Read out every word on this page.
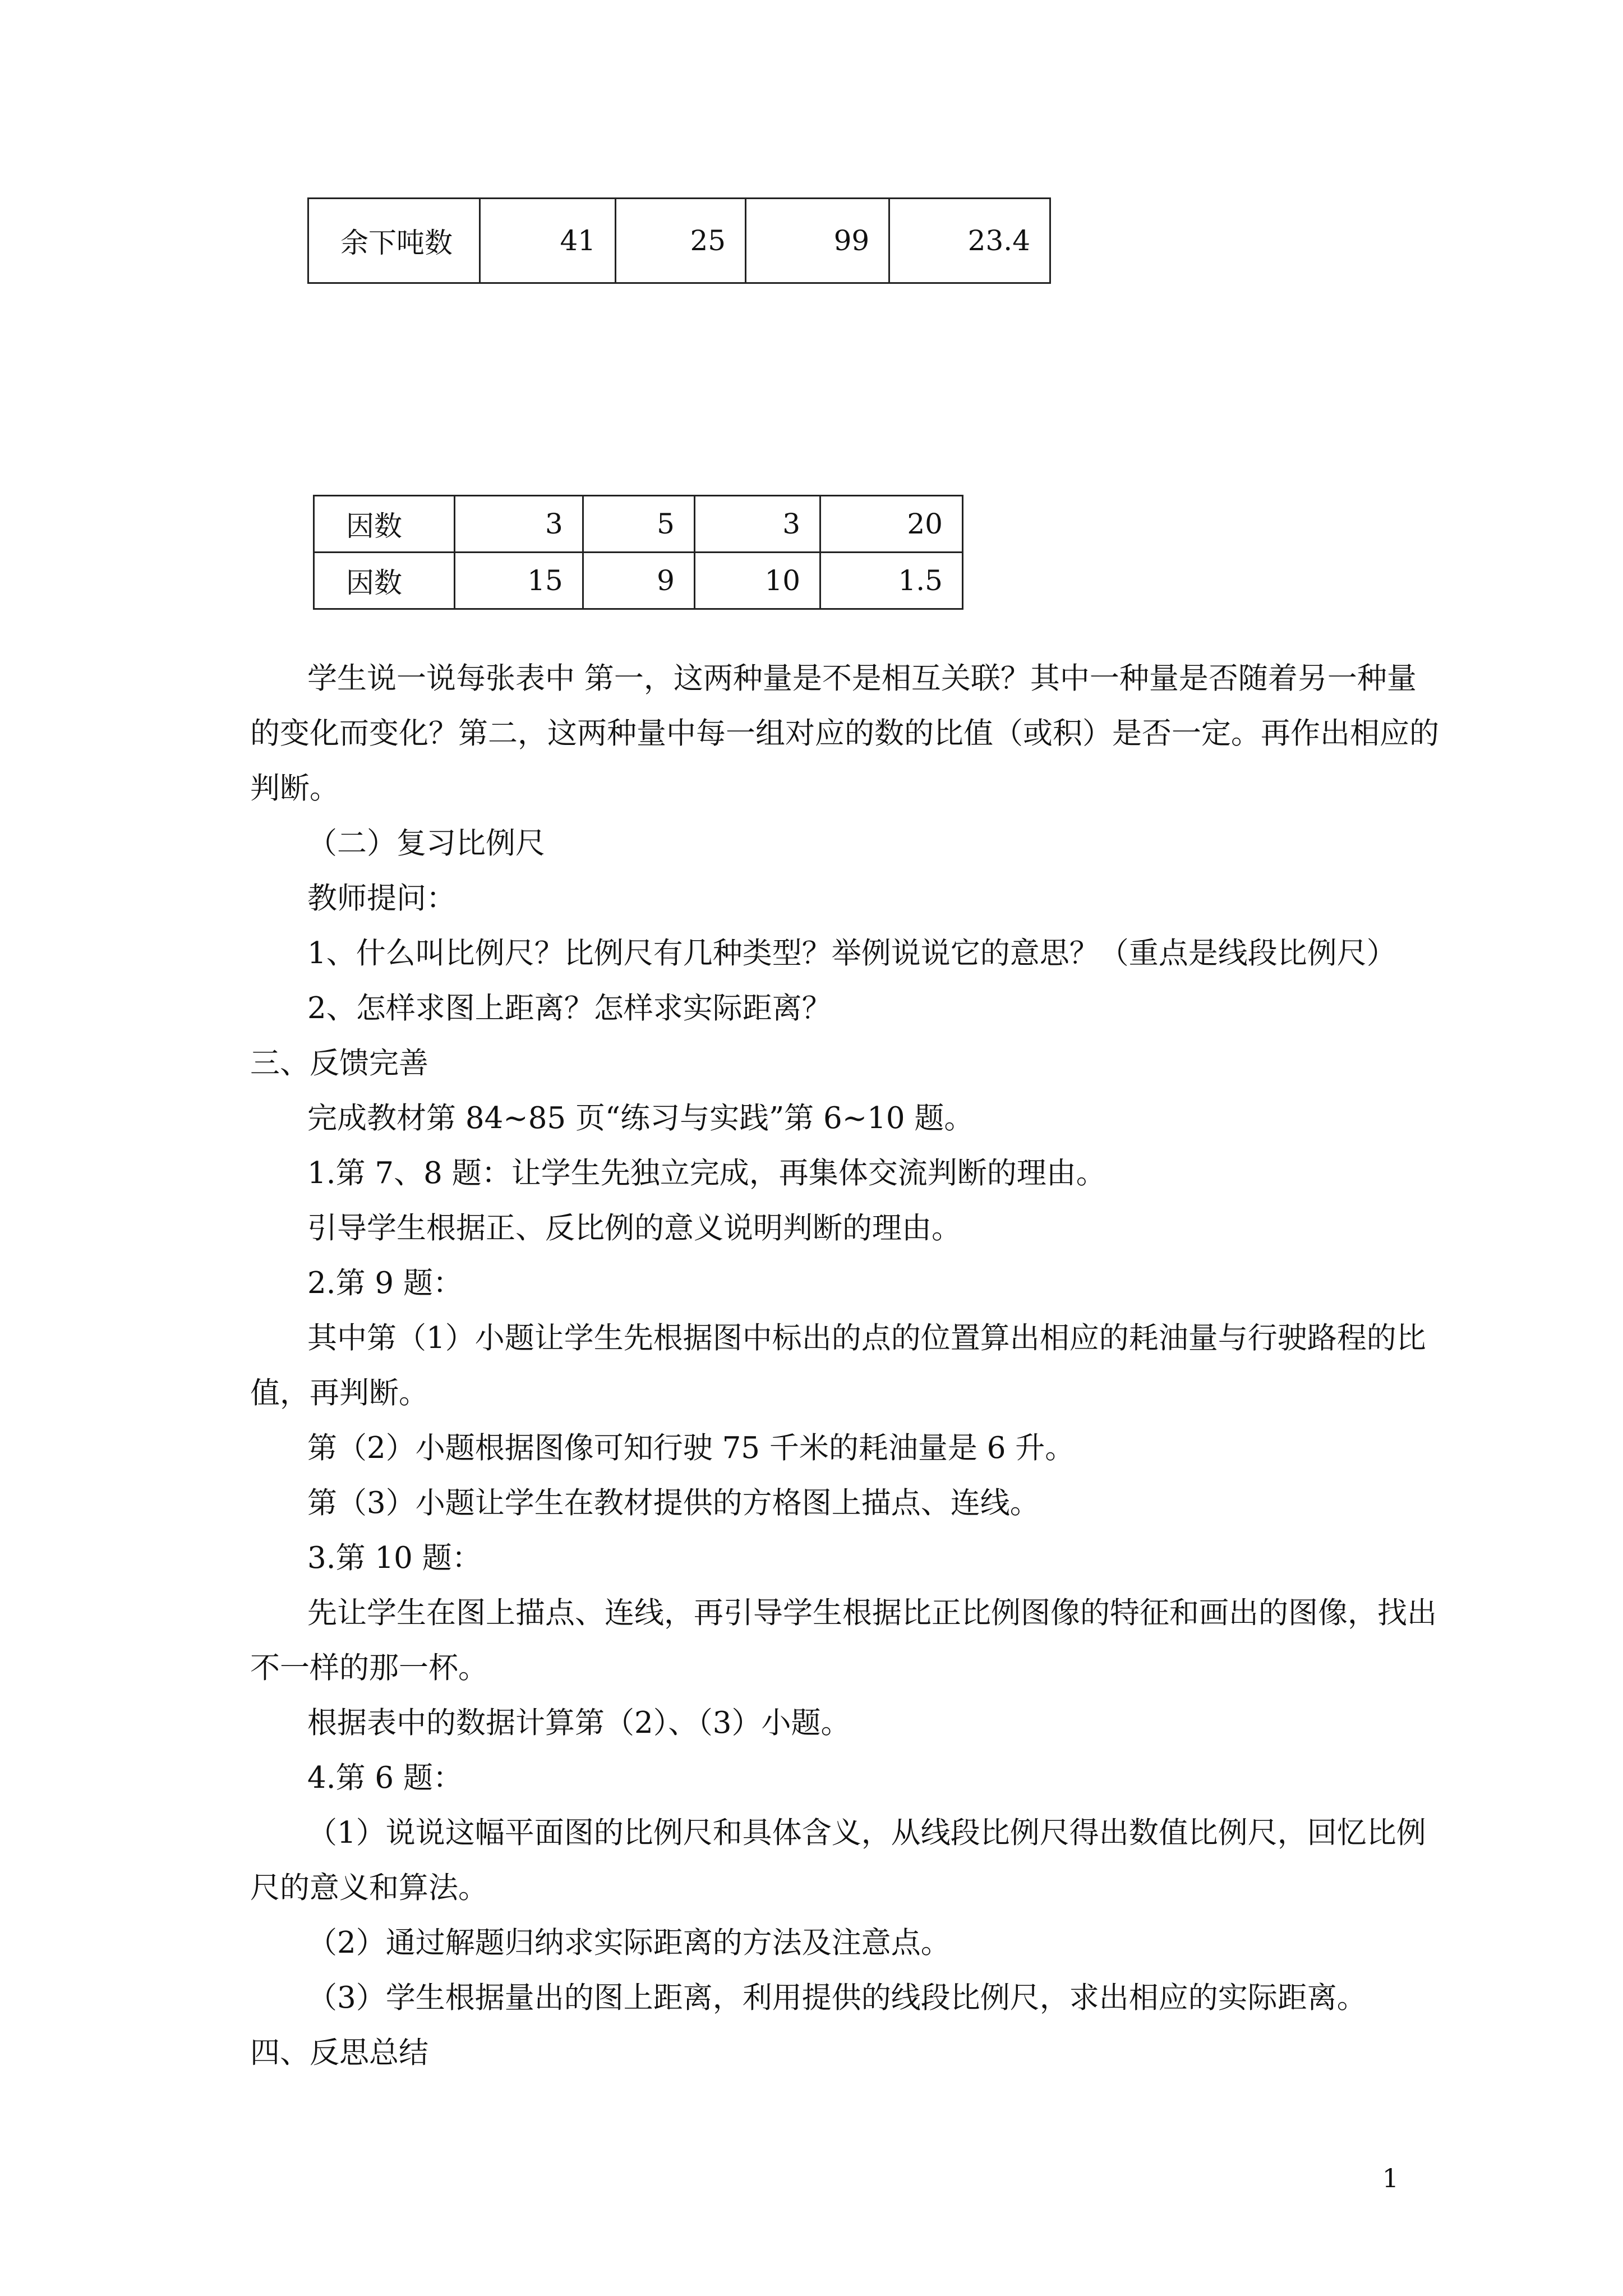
余下吨数	41	25	99	23.4
因数	3	5	3	20
因数	15	9	10	1.5
学生说一说每张表中 第一，这两种量是不是相互关联？其中一种量是否随着另一种量
的变化而变化？第二，这两种量中每一组对应的数的比值（或积）是否一定。再作出相应的
判断。
（二）复习比例尺
教师提问：
1、什么叫比例尺？比例尺有几种类型？举例说说它的意思？（重点是线段比例尺）
2、怎样求图上距离？怎样求实际距离？
三、反馈完善
完成教材第 84~85 页“练习与实践”第 6~10 题。
1.第 7、8 题：让学生先独立完成，再集体交流判断的理由。
引导学生根据正、反比例的意义说明判断的理由。
2.第 9 题：
其中第（1）小题让学生先根据图中标出的点的位置算出相应的耗油量与行驶路程的比
值，再判断。
第（2）小题根据图像可知行驶 75 千米的耗油量是 6 升。
第（3）小题让学生在教材提供的方格图上描点、连线。
3.第 10 题：
先让学生在图上描点、连线，再引导学生根据比正比例图像的特征和画出的图像，找出
不一样的那一杯。
根据表中的数据计算第（2）、（3）小题。
4.第 6 题：
（1）说说这幅平面图的比例尺和具体含义，从线段比例尺得出数值比例尺，回忆比例
尺的意义和算法。
（2）通过解题归纳求实际距离的方法及注意点。
（3）学生根据量出的图上距离，利用提供的线段比例尺，求出相应的实际距离。
四、反思总结
1
